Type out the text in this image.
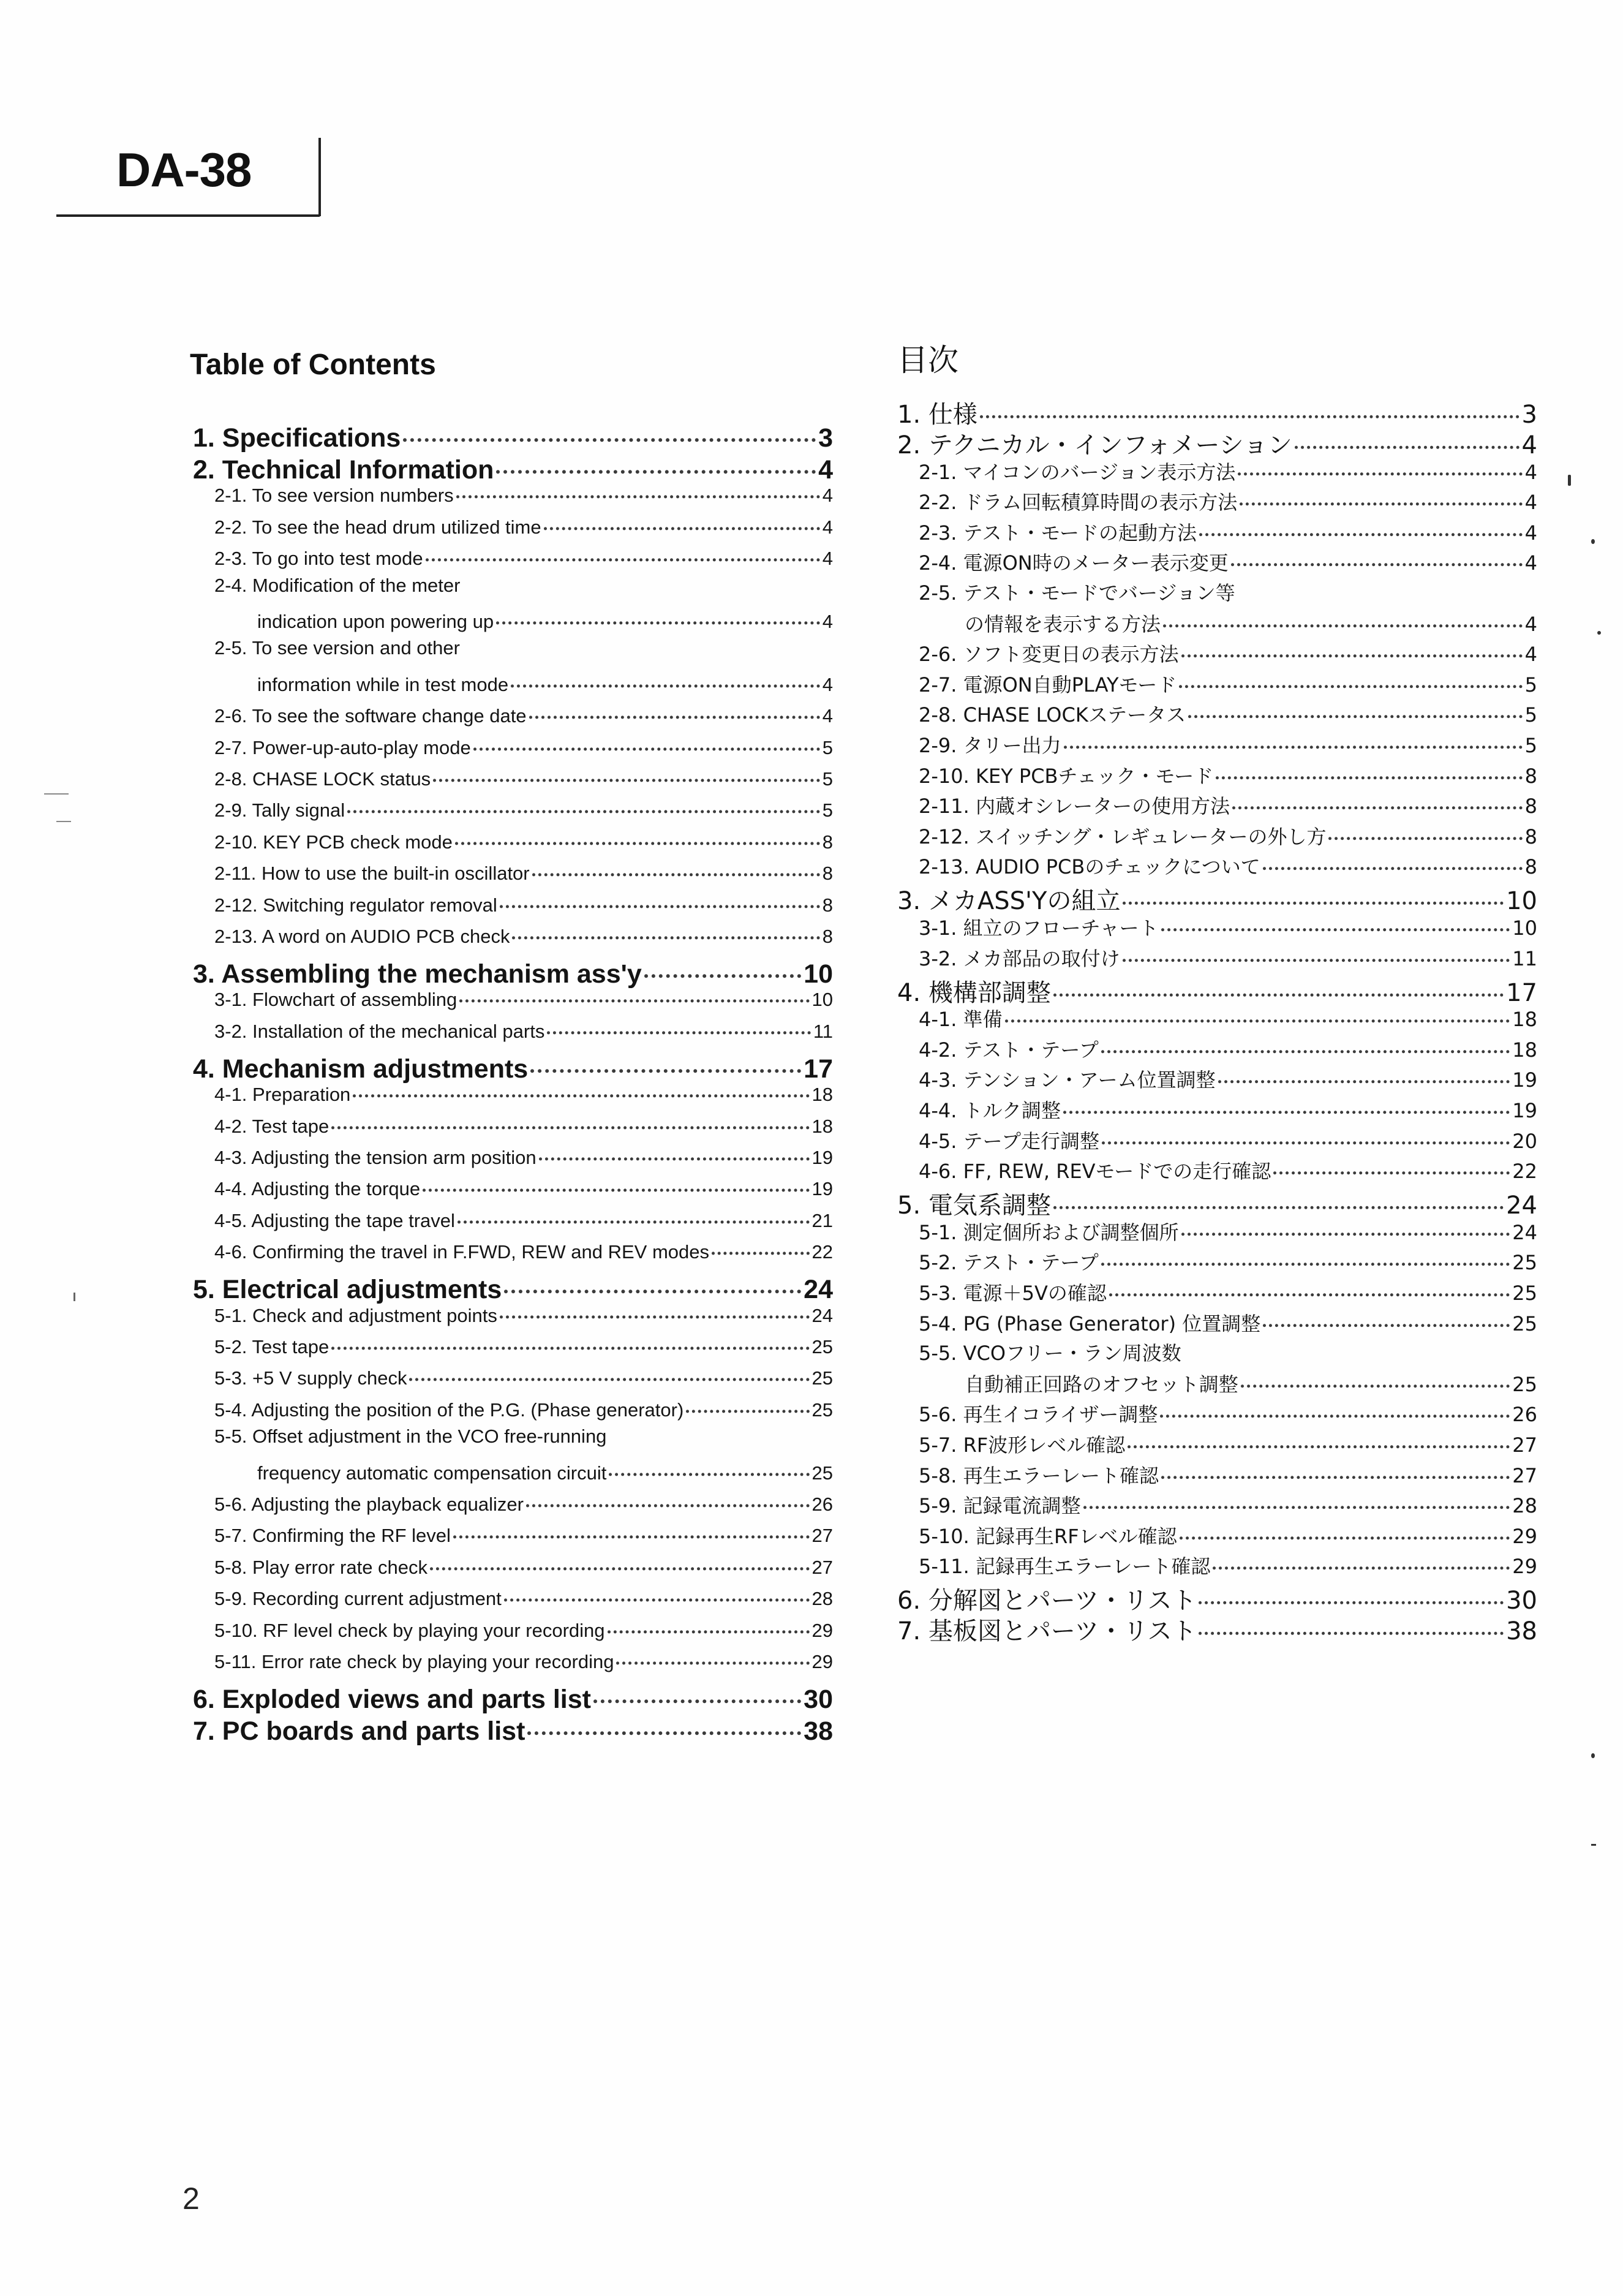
DA-38
Table of Contents
1. Specifications	3
2. Technical Information	4
2-1. To see version numbers	4
2-2. To see the head drum utilized time	4
2-3. To go into test mode	4
2-4. Modification of the meter
indication upon powering up	4
2-5. To see version and other
information while in test mode	4
2-6. To see the software change date	4
2-7. Power-up-auto-play mode	5
2-8. CHASE LOCK status	5
2-9. Tally signal	5
2-10. KEY PCB check mode	8
2-11. How to use the built-in oscillator	8
2-12. Switching regulator removal	8
2-13. A word on AUDIO PCB check	8
3. Assembling the mechanism ass'y	10
3-1. Flowchart of assembling	10
3-2. Installation of the mechanical parts	11
4. Mechanism adjustments	17
4-1. Preparation	18
4-2. Test tape	18
4-3. Adjusting the tension arm position	19
4-4. Adjusting the torque	19
4-5. Adjusting the tape travel	21
4-6. Confirming the travel in F.FWD, REW and REV modes	22
5. Electrical adjustments	24
5-1. Check and adjustment points	24
5-2. Test tape	25
5-3. +5 V supply check	25
5-4. Adjusting the position of the P.G. (Phase generator)	25
5-5. Offset adjustment in the VCO free-running
frequency automatic compensation circuit	25
5-6. Adjusting the playback equalizer	26
5-7. Confirming the RF level	27
5-8. Play error rate check	27
5-9. Recording current adjustment	28
5-10. RF level check by playing your recording	29
5-11. Error rate check by playing your recording	29
6. Exploded views and parts list	30
7. PC boards and parts list	38
目次
1. 仕様	3
2. テクニカル・インフォメーション	4
2-1. マイコンのバージョン表示方法	4
2-2. ドラム回転積算時間の表示方法	4
2-3. テスト・モードの起動方法	4
2-4. 電源ON時のメーター表示変更	4
2-5. テスト・モードでバージョン等
の情報を表示する方法	4
2-6. ソフト変更日の表示方法	4
2-7. 電源ON自動PLAYモード	5
2-8. CHASE LOCKステータス	5
2-9. タリー出力	5
2-10. KEY PCBチェック・モード	8
2-11. 内蔵オシレーターの使用方法	8
2-12. スイッチング・レギュレーターの外し方	8
2-13. AUDIO PCBのチェックについて	8
3. メカASS'Yの組立	10
3-1. 組立のフローチャート	10
3-2. メカ部品の取付け	11
4. 機構部調整	17
4-1. 準備	18
4-2. テスト・テープ	18
4-3. テンション・アーム位置調整	19
4-4. トルク調整	19
4-5. テープ走行調整	20
4-6. FF, REW, REVモードでの走行確認	22
5. 電気系調整	24
5-1. 測定個所および調整個所	24
5-2. テスト・テープ	25
5-3. 電源＋5Vの確認	25
5-4. PG (Phase Generator) 位置調整	25
5-5. VCOフリー・ラン周波数
自動補正回路のオフセット調整	25
5-6. 再生イコライザー調整	26
5-7. RF波形レベル確認	27
5-8. 再生エラーレート確認	27
5-9. 記録電流調整	28
5-10. 記録再生RFレベル確認	29
5-11. 記録再生エラーレート確認	29
6. 分解図とパーツ・リスト	30
7. 基板図とパーツ・リスト	38
2
